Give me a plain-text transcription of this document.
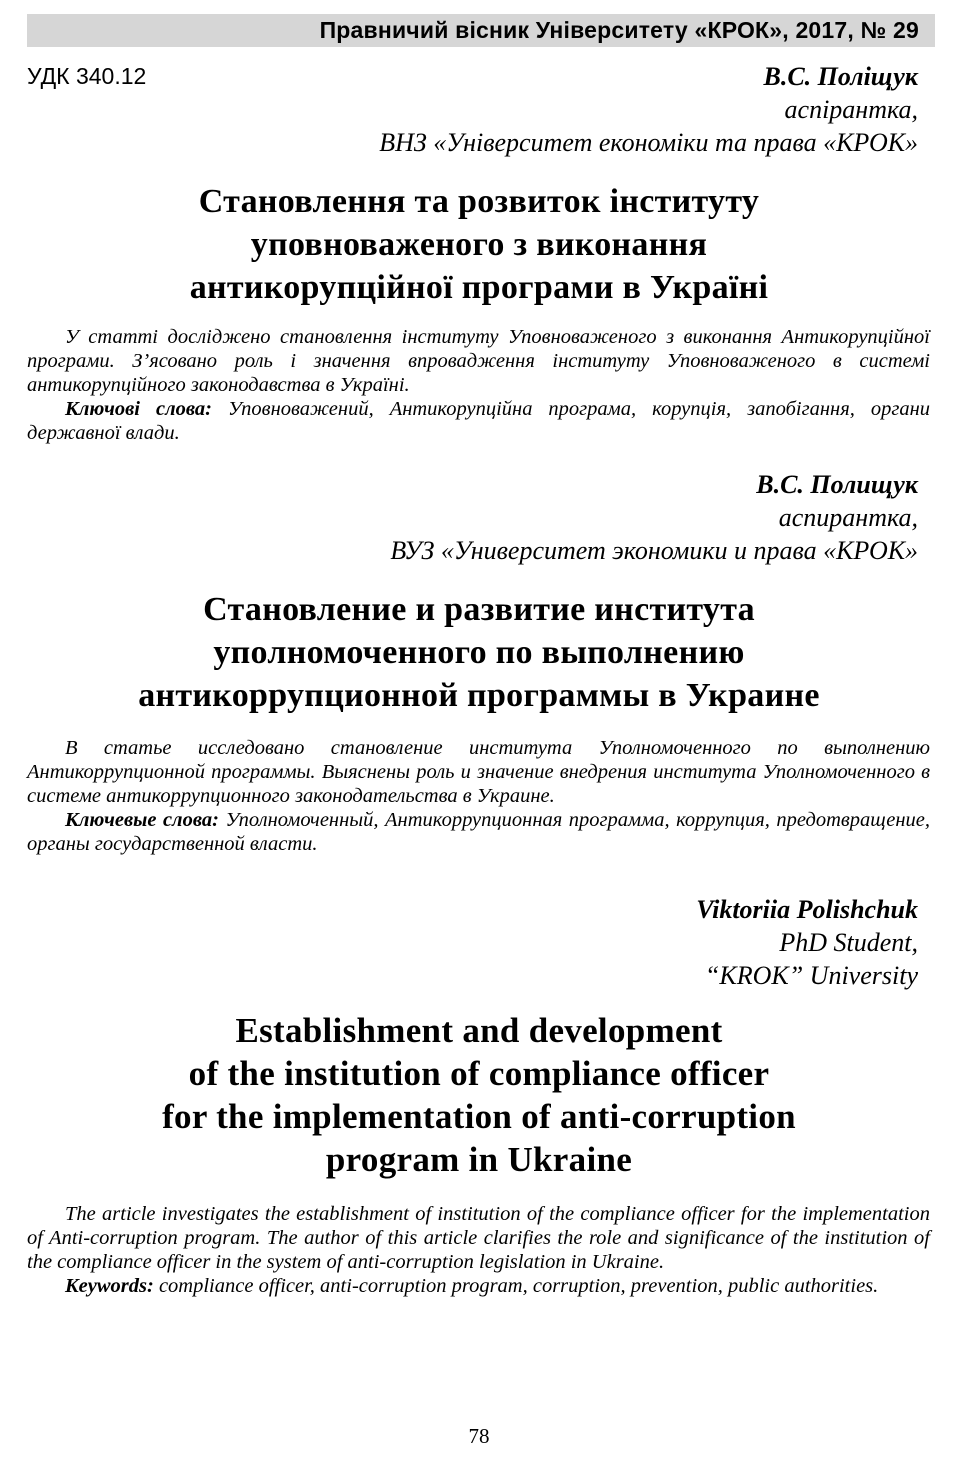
Правничий вісник Університету «КРОК», 2017, № 29
УДК 340.12	В.С. Поліщук
аспірантка,
ВНЗ «Університет економіки та права «КРОК»
Становлення та розвиток інституту
уповноваженого з виконання
антикорупційної програми в Україні

У статті досліджено становлення інституту Уповноваженого з виконання Антикорупційної програми. З’ясовано роль і значення впровадження інституту Уповноваженого в системі антикорупційного законодавства в Україні.

Ключові слова: Уповноважений, Антикорупційна програма, корупція, запобігання, органи державної влади.

В.С. Полищук
аспирантка,
ВУЗ «Университет экономики и права «КРОК»
Становление и развитие института
уполномоченного по выполнению
антикоррупционной программы в Украине

В статье исследовано становление института Уполномоченного по выполнению Антикоррупционной программы. Выяснены роль и значение внедрения института Уполномоченного в системе антикоррупционного законодательства в Украине.

Ключевые слова: Уполномоченный, Антикоррупционная программа, коррупция, предотвращение, органы государственной власти.

Viktoriia Polishchuk
PhD Student,
“KROK” University
Establishment and development
of the institution of compliance officer
for the implementation of anti-corruption
program in Ukraine

The article investigates the establishment of institution of the compliance officer for the implementation of Anti-corruption program. The author of this article clarifies the role and significance of the institution of the compliance officer in the system of anti-corruption legislation in Ukraine.

Keywords: compliance officer, anti-corruption program, corruption, prevention, public authorities.

78
